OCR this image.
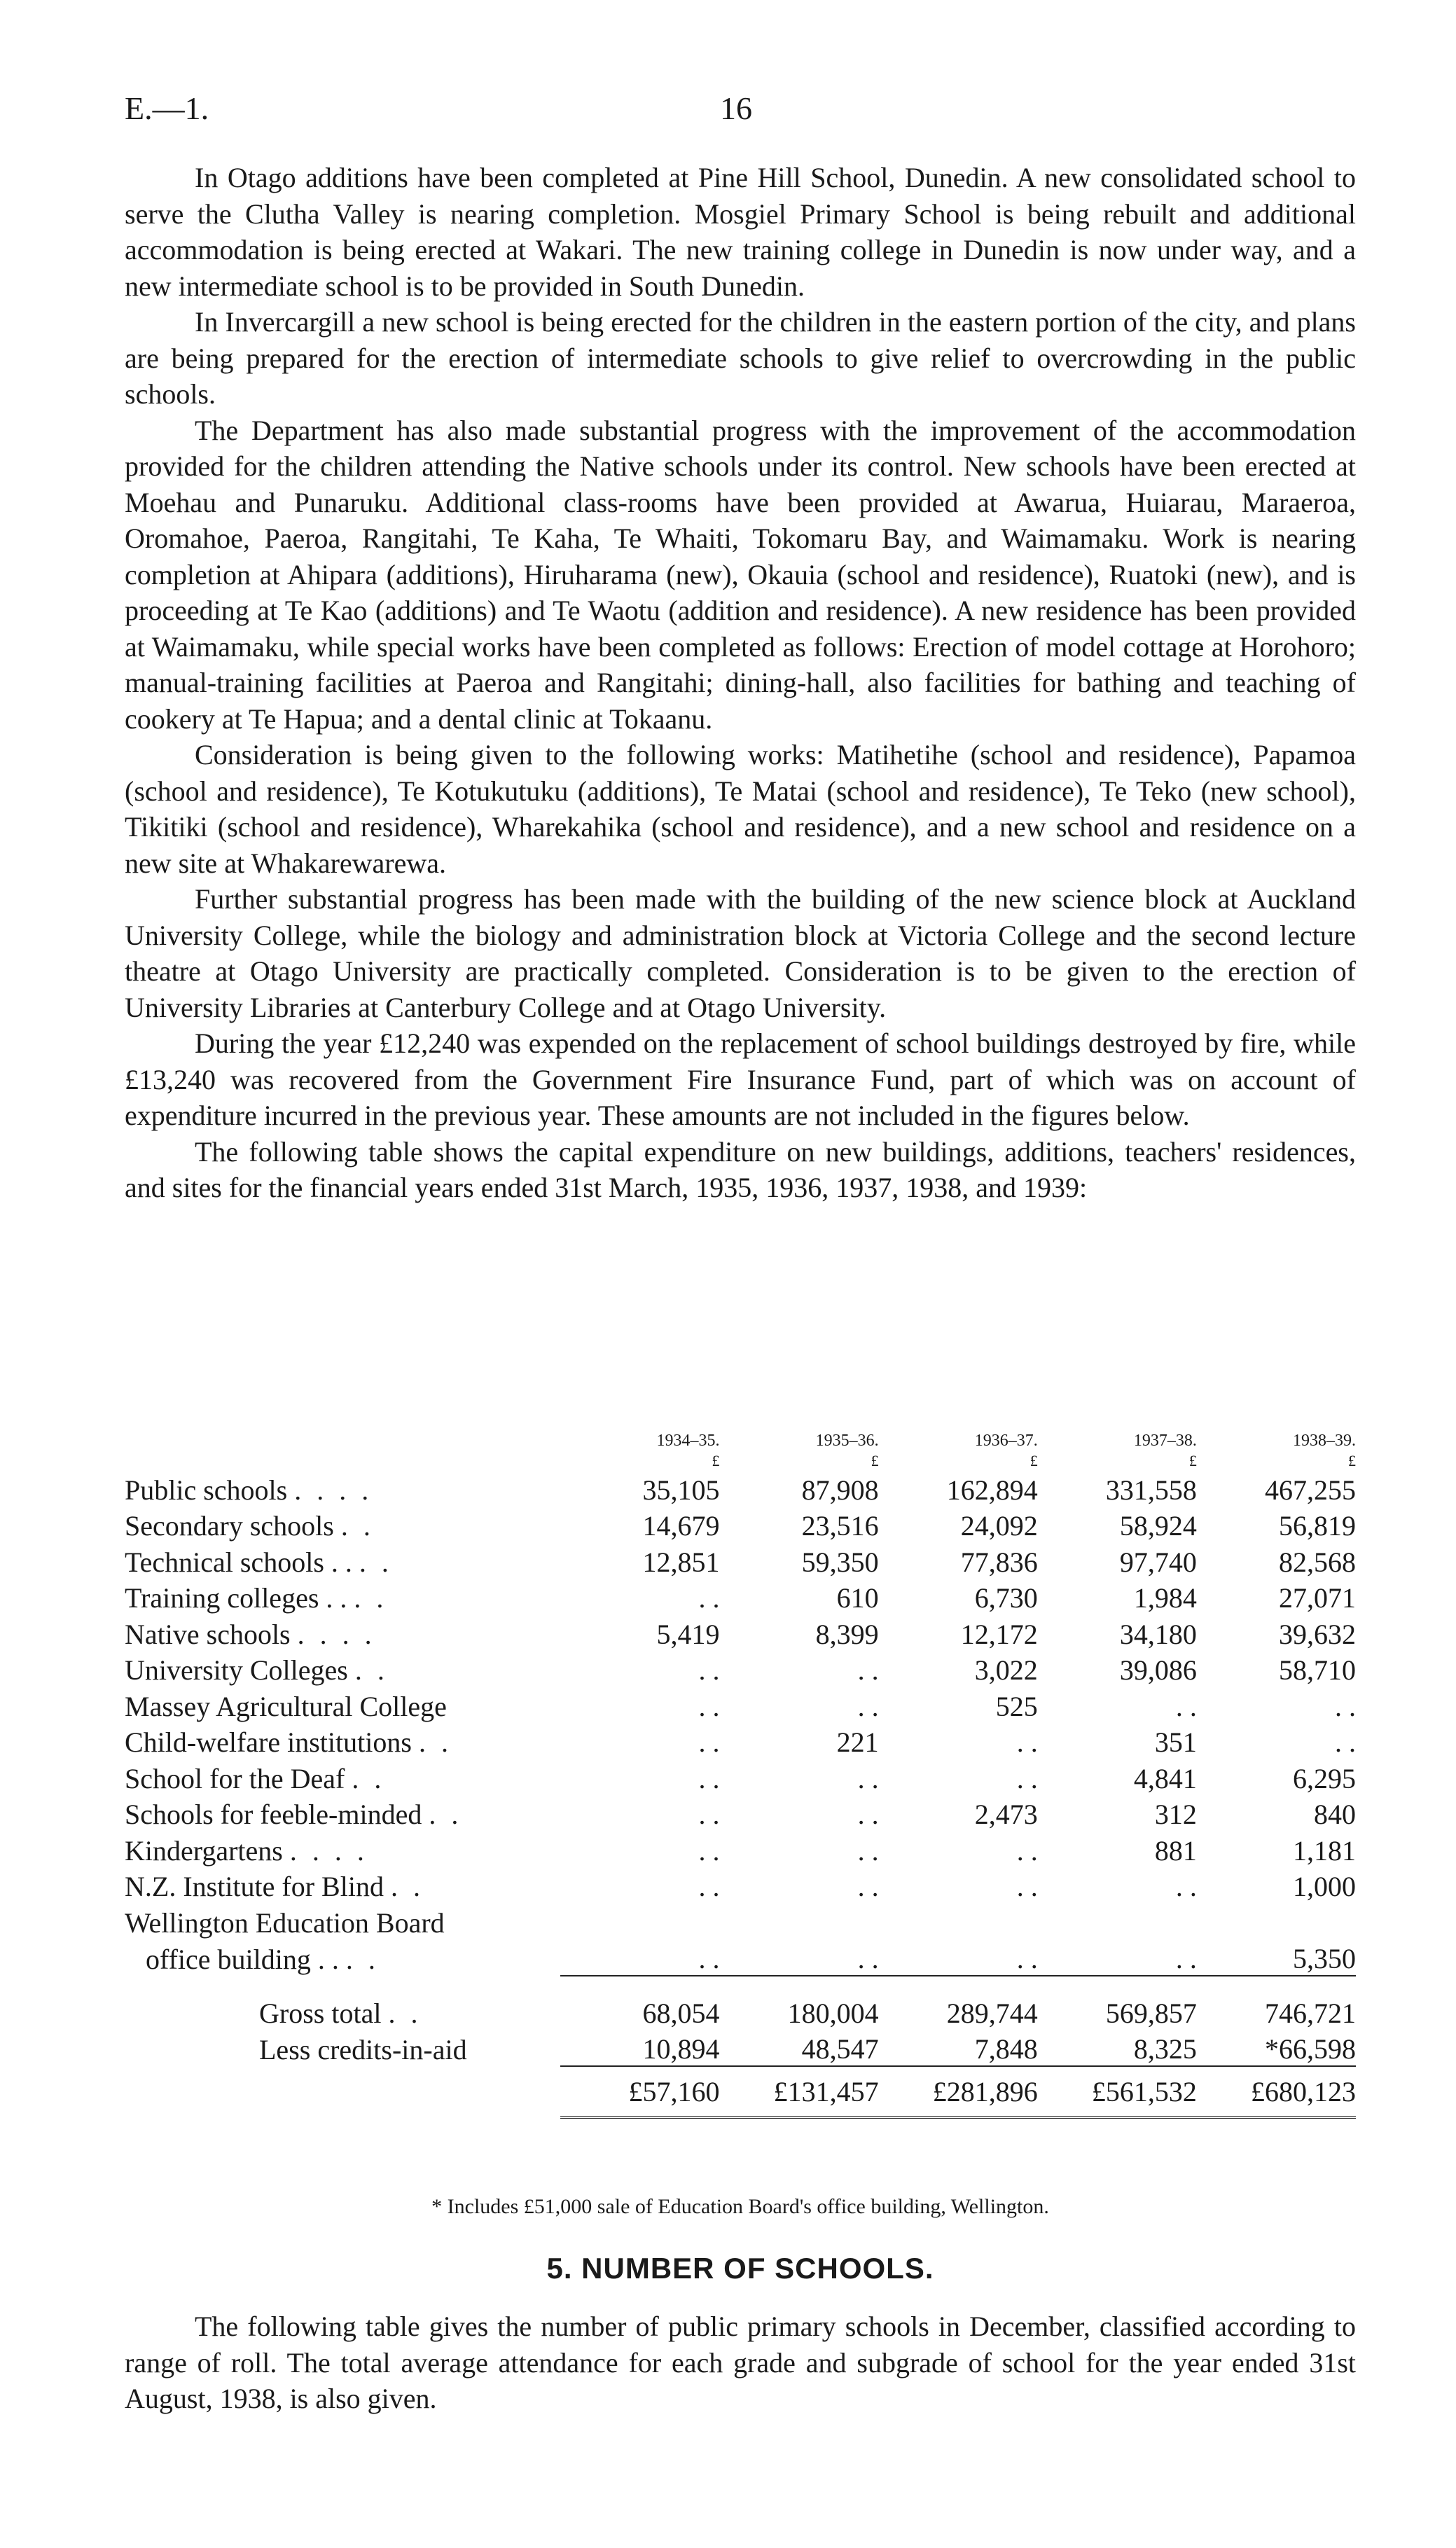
E.—1.	16

In Otago additions have been completed at Pine Hill School, Dunedin. A new consolidated school to serve the Clutha Valley is nearing completion. Mosgiel Primary School is being rebuilt and additional accommodation is being erected at Wakari. The new training college in Dunedin is now under way, and a new intermediate school is to be provided in South Dunedin.

In Invercargill a new school is being erected for the children in the eastern portion of the city, and plans are being prepared for the erection of intermediate schools to give relief to overcrowding in the public schools.

The Department has also made substantial progress with the improvement of the accommodation provided for the children attending the Native schools under its control. New schools have been erected at Moehau and Punaruku. Additional class-rooms have been provided at Awarua, Huiarau, Maraeroa, Oromahoe, Paeroa, Rangitahi, Te Kaha, Te Whaiti, Tokomaru Bay, and Waimamaku. Work is nearing completion at Ahipara (additions), Hiruharama (new), Okauia (school and residence), Ruatoki (new), and is proceeding at Te Kao (additions) and Te Waotu (addition and residence). A new residence has been provided at Waimamaku, while special works have been completed as follows: Erection of model cottage at Horohoro; manual-training facilities at Paeroa and Rangitahi; dining-hall, also facilities for bathing and teaching of cookery at Te Hapua; and a dental clinic at Tokaanu.

Consideration is being given to the following works: Matihetihe (school and residence), Papamoa (school and residence), Te Kotukutuku (additions), Te Matai (school and residence), Te Teko (new school), Tikitiki (school and residence), Wharekahika (school and residence), and a new school and residence on a new site at Whakarewarewa.

Further substantial progress has been made with the building of the new science block at Auckland University College, while the biology and administration block at Victoria College and the second lecture theatre at Otago University are practically completed. Consideration is to be given to the erection of University Libraries at Canterbury College and at Otago University.

During the year £12,240 was expended on the replacement of school buildings destroyed by fire, while £13,240 was recovered from the Government Fire Insurance Fund, part of which was on account of expenditure incurred in the previous year. These amounts are not included in the figures below.

The following table shows the capital expenditure on new buildings, additions, teachers' residences, and sites for the financial years ended 31st March, 1935, 1936, 1937, 1938, and 1939:

	1934–35.	1935–36.	1936–37.	1937–38.	1938–39.
	£	£	£	£	£
Public schools . . . .	35,105	87,908	162,894	331,558	467,255
Secondary schools . .	14,679	23,516	24,092	58,924	56,819
Technical schools . . . .	12,851	59,350	77,836	97,740	82,568
Training colleges . . . .	. .	610	6,730	1,984	27,071
Native schools . . . .	5,419	8,399	12,172	34,180	39,632
University Colleges . .	. .	. .	3,022	39,086	58,710
Massey Agricultural College	. .	. .	525	. .	. .
Child-welfare institutions . .	. .	221	. .	351	. .
School for the Deaf . .	. .	. .	. .	4,841	6,295
Schools for feeble-minded . .	. .	. .	2,473	312	840
Kindergartens . . . .	. .	. .	. .	881	1,181
N.Z. Institute for Blind . .	. .	. .	. .	. .	1,000
Wellington Education Board					
office building . . . .	. .	. .	. .	. .	5,350
Gross total . .	68,054	180,004	289,744	569,857	746,721
Less credits-in-aid	10,894	48,547	7,848	8,325	*66,598
	£57,160	£131,457	£281,896	£561,532	£680,123
* Includes £51,000 sale of Education Board's office building, Wellington.
5. NUMBER OF SCHOOLS.

The following table gives the number of public primary schools in December, classified according to range of roll. The total average attendance for each grade and subgrade of school for the year ended 31st August, 1938, is also given.
